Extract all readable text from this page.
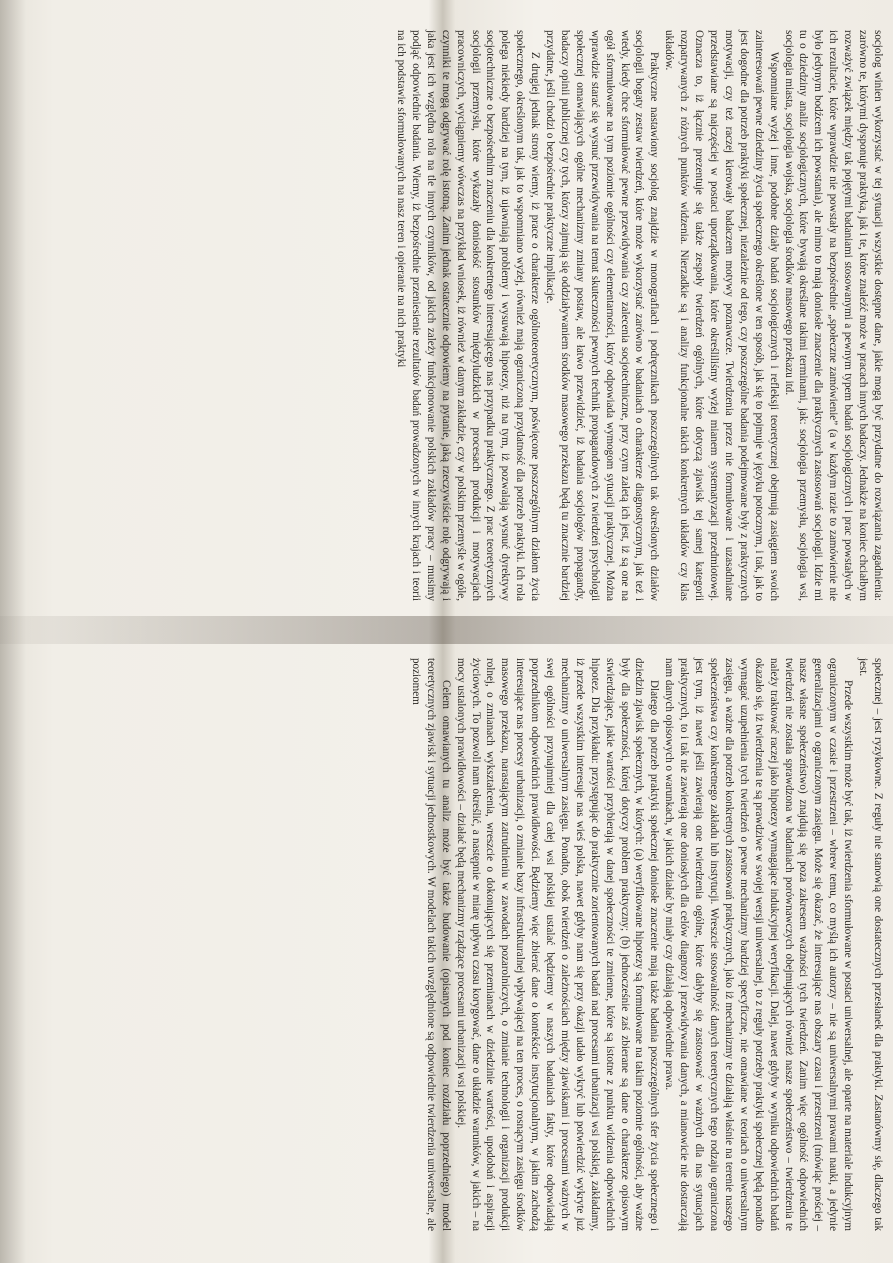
socjolog winien wykorzystać w tej sytuacji wszystkie dostępne dane, jakie mogą być przydatne do rozwiązania zagadnienia: zarówno te, którymi dysponuje praktyka, jak i te, które znaleźć może w pracach innych badaczy. Jednakże na koniec chciałbym rozważyć związek między tak pojętymi badaniami stosowanymi a pewnym typem badań socjologicznych i prac powstałych w ich rezultacie, które wprawdzie nie powstały na bezpośrednie „społeczne zamówienie” (a w każdym razie to zamówienie nie było jedynym bodźcem ich powstania), ale mimo to mają doniosłe znaczenie dla praktycznych zastosowań socjologii. Idzie mi tu o dziedziny analiz socjologicznych, które bywają określane takimi terminami, jak: socjologia przemysłu, socjologia wsi, socjologia miasta, socjologia wojska, socjologia środków masowego przekazu itd.

Wspomniane wyżej i inne, podobne działy badań socjologicznych i refleksji teoretycznej obejmują zasięgiem swoich zainteresowań pewne dziedziny życia społecznego określone w ten sposób, jak się to pojmuje w języku potocznym, i tak, jak to jest dogodne dla potrzeb praktyki społecznej, niezależnie od tego, czy poszczególne badania podejmowane były z praktycznych motywacji, czy też raczej kierowały badaczem motywy poznawcze. Twierdzenia przez nie formułowane i uzasadniane przedstawiane są najczęściej w postaci uporządkowania, które określiliśmy wyżej mianem systematyzacji przedmiotowej. Oznacza to, iż łącznie prezentuje się także zespoły twierdzeń ogólnych, które dotyczą zjawisk tej samej kategorii rozpatrywanych z różnych punktów widzenia. Nierzadkie są i analizy funkcjonalne takich konkretnych układów czy klas układów.

Praktyczne nastawiony socjolog znajdzie w monografiach i podręcznikach poszczególnych tak określonych działów socjologii bogaty zestaw twierdzeń, które może wykorzystać zarówno w badaniach o charakterze diagnostycznym, jak też i wtedy, kiedy chce sformułować pewne przewidywania czy zalecenia socjotechniczne, przy czym zaletą ich jest, iż są one na ogół sformułowane na tym poziomie ogólności czy elementarności, który odpowiada wymogom sytuacji praktycznej. Można wprawdzie starać się wysnuć przewidywania na temat skuteczności pewnych technik propagandowych z twierdzeń psychologii społecznej omawiających ogólne mechanizmy zmiany postaw, ale łatwo przewidzieć, iż badania socjologów propagandy, badaczy opinii publicznej czy tych, którzy zajmują się oddziaływaniem środków masowego przekazu będą tu znacznie bardziej przydatne, jeśli chodzi o bezpośrednie praktyczne implikacje.

Z drugiej jednak strony wiemy, iż prace o charakterze ogólnoteoretycznym, poświęcone poszczególnym działom życia społecznego, określonym tak, jak to wspomniano wyżej, również mają ograniczoną przydatność dla potrzeb praktyki. Ich rola polega niekiedy bardziej na tym, iż ujawniają problemy i wysuwają hipotezy, niż na tym, iż pozwalają wysnuć dyrektywy socjotechniczne o bezpośrednim znaczeniu dla konkretnego interesującego nas przypadku praktycznego. Z prac teoretycznych socjologii przemysłu, które wykazały doniosłość stosunków międzyludzkich w procesach produkcji i motywacjach pracowniczych, wyciągniemy wówczas na przykład wniosek, iż również w danym zakładzie, czy w polskim przemyśle w ogóle, czynniki te mogą odgrywać rolę istotną. Zanim jednak ostatecznie odpowiemy na pytanie, jaką rzeczywiście rolę odgrywają i jaka jest ich względna rola na tle innych czynników, od jakich zależy funkcjonowanie polskich zakładów pracy – musimy podjąć odpowiednie badania. Wiemy, iż bezpośrednie przeniesienie rezultatów badań prowadzonych w innych krajach i teorii na ich podstawie sformułowanych na nasz teren i opieranie na nich praktyki

społecznej – jest ryzykowne. Z reguły nie stanowią one dostatecznych przesłanek dla praktyki. Zastanówmy się, dlaczego tak jest.

Przede wszystkim może być tak, iż twierdzenia sformułowane w postaci uniwersalnej, ale oparte na materiale indukcyjnym ograniczonym w czasie i przestrzeni – wbrew temu, co myślą ich autorzy – nie są uniwersalnymi prawami nauki, a jedynie generalizacjami o ograniczonym zasięgu. Może się okazać, że interesujące nas obszary czasu i przestrzeni (mówiąc prościej – nasze własne społeczeństwo) znajdują się poza zakresem ważności tych twierdzeń. Zanim więc ogólność odpowiednich twierdzeń nie została sprawdzona w badaniach porównawczych obejmujących również nasze społeczeństwo – twierdzenia te należy traktować raczej jako hipotezy wymagające indukcyjnej weryfikacji. Dalej, nawet gdyby w wyniku odpowiednich badań okazało się, iż twierdzenia te są prawdziwe w swojej wersji uniwersalnej, to z reguły potrzeby praktyki społecznej będą ponadto wymagać uzupełnienia tych twierdzeń o pewne mechanizmy bardziej specyficzne, nie omawiane w teoriach o uniwersalnym zasięgu, a ważne dla potrzeb konkretnych zastosowań praktycznych, jako iż mechanizmy te działają właśnie na terenie naszego społeczeństwa czy konkretnego zakładu lub instytucji. Wreszcie stosowalność danych teoretycznych tego rodzaju ograniczona jest tym, iż nawet jeśli zawierają one twierdzenia ogólne, które dałyby się zastosować w ważnych dla nas sytuacjach praktycznych, to i tak nie zawierają one doniosłych dla celów diagnozy i przewidywania danych, a mianowicie nie dostarczają nam danych opisowych o warunkach, w jakich działać by miały czy działają odpowiednie prawa.

Dlatego dla potrzeb praktyki społecznej doniosłe znaczenie mają także badania poszczególnych sfer życia społecznego i dziedzin zjawisk społecznych, w których: (a) weryfikowane hipotezy są formułowane na takim poziomie ogólności, aby ważne były dla społeczności, której dotyczy problem praktyczny; (b) jednocześnie zaś zbierane są dane o charakterze opisowym stwierdzające, jakie wartości przybierają w danej społeczności te zmienne, które są istotne z punktu widzenia odpowiednich hipotez. Dla przykładu: przystępując do praktycznie zorientowanych badań nad procesami urbanizacji wsi polskiej, zakładamy, iż przede wszystkim interesuje nas wieś polska, nawet gdyby nam się przy okazji udało wykryć lub potwierdzić wykryte już mechanizmy o uniwersalnym zasięgu. Ponadto, obok twierdzeń o zależnościach między zjawiskami i procesami ważnych w swej ogólności przynajmniej dla całej wsi polskiej ustalać będziemy w naszych badaniach fakty, które odpowiadają poprzednikom odpowiednich prawidłowości. Będziemy więc zbierać dane o kontekście instytucjonalnym, w jakim zachodzą interesujące nas procesy urbanizacji, o zmianie bazy infrastrukturalnej wpływającej na ten proces, o rosnącym zasięgu środków masowego przekazu, narastającym zatrudnieniu w zawodach pozarolniczych, o zmianie technologii i organizacji produkcji rolnej, o zmianach wykształcenia, wreszcie o dokonujących się przemianach w dziedzinie wartości, upodobań i aspiracji życiowych. To pozwoli nam określić, a następnie w miarę upływu czasu korygować, dane o układzie warunków, w jakich – na mocy ustalonych prawidłowości – działać będą mechanizmy rządzące procesami urbanizacji wsi polskiej.

Celem omawianych tu analiz może być także budowanie (opisanych pod koniec rozdziału poprzedniego) model teoretycznych zjawisk i sytuacji jednostkowych. W modelach takich uwzględnione są odpowiednie twierdzenia uniwersalne, ale poziomem
